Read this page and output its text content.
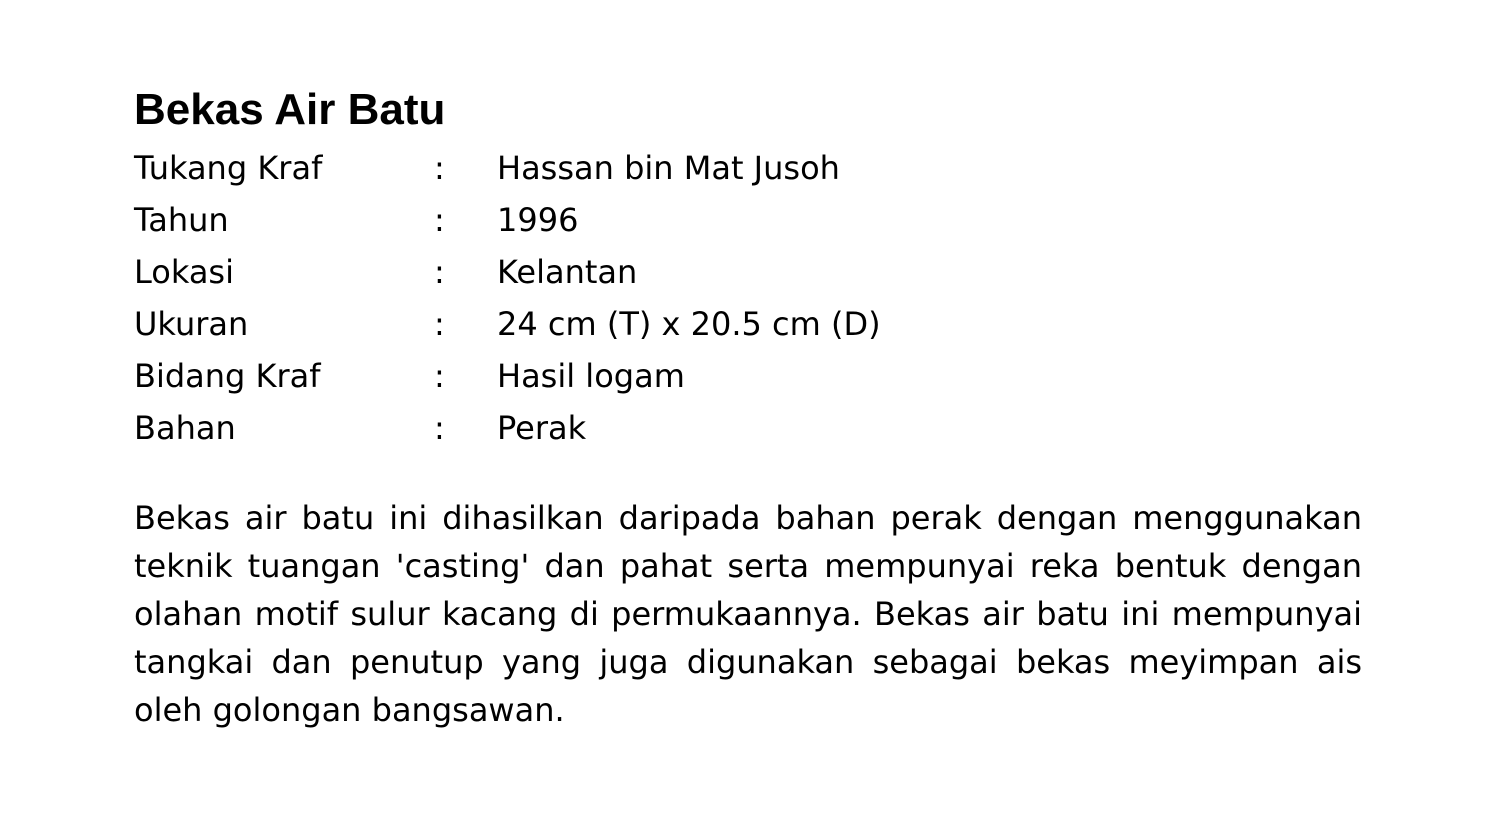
Bekas Air Batu
Tukang Kraf	:	Hassan bin Mat Jusoh
Tahun	:	1996
Lokasi	:	Kelantan
Ukuran	:	24 cm (T) x 20.5 cm (D)
Bidang Kraf	:	Hasil logam
Bahan	:	Perak

Bekas air batu ini dihasilkan daripada bahan perak dengan menggunakan teknik tuangan 'casting' dan pahat serta mempunyai reka bentuk dengan olahan motif sulur kacang di permukaannya. Bekas air batu ini mempunyai tangkai dan penutup yang juga digunakan sebagai bekas meyimpan ais oleh golongan bangsawan.
